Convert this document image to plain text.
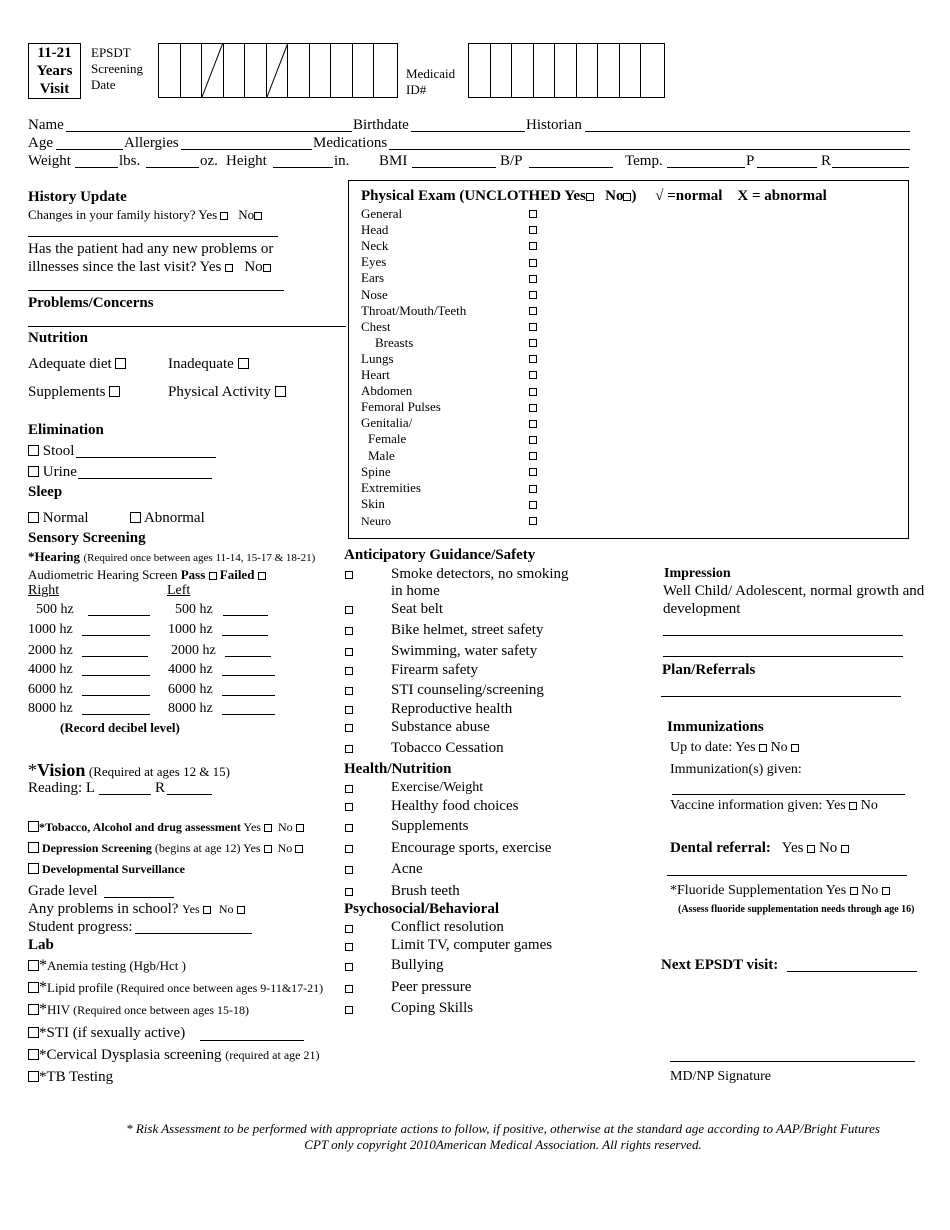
11-21
Years
Visit
EPSDT
Screening
Date
Medicaid
ID#
Name	Birthdate	Historian
Age	Allergies	Medications
Weight	lbs.	oz. Height	in. BMI	B/P	Temp.	P	R
History Update
Changes in your family history? Yes No
Has the patient had any new problems or
illnesses since the last visit? Yes No
Problems/Concerns
Nutrition
Adequate diet	Inadequate
Supplements	Physical Activity
Elimination
Stool
Urine
Sleep
Normal	Abnormal
Sensory Screening
*Hearing (Required once between ages 11-14, 15-17 & 18-21)
Audiometric Hearing Screen Pass Failed
Right	Left
500 hz	500 hz
1000 hz	1000 hz
2000 hz	2000 hz
4000 hz	4000 hz
6000 hz	6000 hz
8000 hz	8000 hz
(Record decibel level)
*Vision (Required at ages 12 & 15)
Reading: L	R
*Tobacco, Alcohol and drug assessment Yes No
Depression Screening (begins at age 12) Yes No
Developmental Surveillance
Grade level
Any problems in school? Yes No
Student progress:
Lab
*Anemia testing (Hgb/Hct )
*Lipid profile (Required once between ages 9-11&17-21)
*HIV (Required once between ages 15-18)
*STI (if sexually active)
*Cervical Dysplasia screening (required at age 21)
*TB Testing
Physical Exam (UNCLOTHED Yes No ) √ =normal X = abnormal
General
Head
Neck
Eyes
Ears
Nose
Throat/Mouth/Teeth
Chest
Breasts
Lungs
Heart
Abdomen
Femoral Pulses
Genitalia/
Female
Male
Spine
Extremities
Skin
Neuro
Anticipatory Guidance/Safety
Smoke detectors, no smoking
in home
Seat belt
Bike helmet, street safety
Swimming, water safety
Firearm safety
STI counseling/screening
Reproductive health
Substance abuse
Tobacco Cessation
Health/Nutrition
Exercise/Weight
Healthy food choices
Supplements
Encourage sports, exercise
Acne
Brush teeth
Psychosocial/Behavioral
Conflict resolution
Limit TV, computer games
Bullying
Peer pressure
Coping Skills
Impression
Well Child/ Adolescent, normal growth and
development
Plan/Referrals
Immunizations
Up to date: Yes No
Immunization(s) given:
Vaccine information given: Yes No
Dental referral: Yes No
*Fluoride Supplementation Yes No
(Assess fluoride supplementation needs through age 16)
Next EPSDT visit:
MD/NP Signature
* Risk Assessment to be performed with appropriate actions to follow, if positive, otherwise at the standard age according to AAP/Bright Futures
CPT only copyright 2010American Medical Association. All rights reserved.
